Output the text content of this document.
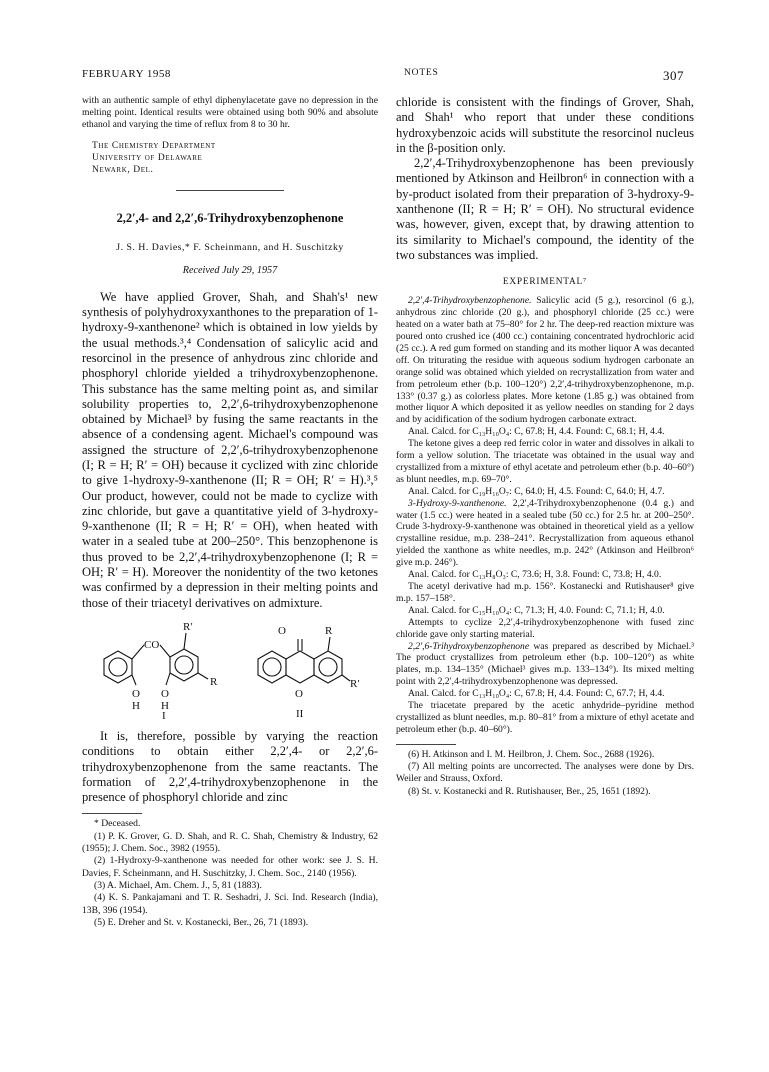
FEBRUARY 1958	NOTES	307

with an authentic sample of ethyl diphenylacetate gave no depression in the melting point. Identical results were obtained using both 90% and absolute ethanol and varying the time of reflux from 8 to 30 hr.

The Chemistry Department
University of Delaware
Newark, Del.
2,2′,4- and 2,2′,6-Trihydroxybenzophenone
J. S. H. Davies,* F. Scheinmann, and H. Suschitzky
Received July 29, 1957

We have applied Grover, Shah, and Shah's¹ new synthesis of polyhydroxyxanthones to the preparation of 1-hydroxy-9-xanthenone² which is obtained in low yields by the usual methods.³,⁴ Condensation of salicylic acid and resorcinol in the presence of anhydrous zinc chloride and phosphoryl chloride yielded a trihydroxybenzophenone. This substance has the same melting point as, and similar solubility properties to, 2,2′,6-trihydroxybenzophenone obtained by Michael³ by fusing the same reactants in the absence of a condensing agent. Michael's compound was assigned the structure of 2,2′,6-trihydroxybenzophenone (I; R = H; R′ = OH) because it cyclized with zinc chloride to give 1-hydroxy-9-xanthenone (II; R = OH; R′ = H).³,⁵ Our product, however, could not be made to cyclize with zinc chloride, but gave a quantitative yield of 3-hydroxy-9-xanthenone (II; R = H; R′ = OH), when heated with water in a sealed tube at 200–250°. This benzophenone is thus proved to be 2,2′,4-trihydroxybenzophenone (I; R = OH; R′ = H). Moreover the nonidentity of the two ketones was confirmed by a depression in their melting points and those of their triacetyl derivatives on admixture.

CO
R′
R
O O
H H
I
O	R
O
R′
II

It is, therefore, possible by varying the reaction conditions to obtain either 2,2′,4- or 2,2′,6-trihydroxybenzophenone from the same reactants. The formation of 2,2′,4-trihydroxybenzophenone in the presence of phosphoryl chloride and zinc

* Deceased.

(1) P. K. Grover, G. D. Shah, and R. C. Shah, Chemistry & Industry, 62 (1955); J. Chem. Soc., 3982 (1955).

(2) 1-Hydroxy-9-xanthenone was needed for other work: see J. S. H. Davies, F. Scheinmann, and H. Suschitzky, J. Chem. Soc., 2140 (1956).

(3) A. Michael, Am. Chem. J., 5, 81 (1883).

(4) K. S. Pankajamani and T. R. Seshadri, J. Sci. Ind. Research (India), 13B, 396 (1954).

(5) E. Dreher and St. v. Kostanecki, Ber., 26, 71 (1893).

chloride is consistent with the findings of Grover, Shah, and Shah¹ who report that under these conditions hydroxybenzoic acids will substitute the resorcinol nucleus in the β-position only.

2,2′,4-Trihydroxybenzophenone has been previously mentioned by Atkinson and Heilbron⁶ in connection with a by-product isolated from their preparation of 3-hydroxy-9-xanthenone (II; R = H; R′ = OH). No structural evidence was, however, given, except that, by drawing attention to its similarity to Michael's compound, the identity of the two substances was implied.

EXPERIMENTAL⁷

2,2′,4-Trihydroxybenzophenone. Salicylic acid (5 g.), resorcinol (6 g.), anhydrous zinc chloride (20 g.), and phosphoryl chloride (25 cc.) were heated on a water bath at 75–80° for 2 hr. The deep-red reaction mixture was poured onto crushed ice (400 cc.) containing concentrated hydrochloric acid (25 cc.). A red gum formed on standing and its mother liquor A was decanted off. On triturating the residue with aqueous sodium hydrogen carbonate an orange solid was obtained which yielded on recrystallization from water and from petroleum ether (b.p. 100–120°) 2,2′,4-trihydroxybenzophenone, m.p. 133° (0.37 g.) as colorless plates. More ketone (1.85 g.) was obtained from mother liquor A which deposited it as yellow needles on standing for 2 days and by acidification of the sodium hydrogen carbonate extract.

Anal. Calcd. for C₁₃H₁₀O₄: C, 67.8; H, 4.4. Found: C, 68.1; H, 4.4.

The ketone gives a deep red ferric color in water and dissolves in alkali to form a yellow solution. The triacetate was obtained in the usual way and crystallized from a mixture of ethyl acetate and petroleum ether (b.p. 40–60°) as blunt needles, m.p. 69–70°.

Anal. Calcd. for C₁₉H₁₆O₇: C, 64.0; H, 4.5. Found: C, 64.0; H, 4.7.

3-Hydroxy-9-xanthenone. 2,2′,4-Trihydroxybenzophenone (0.4 g.) and water (1.5 cc.) were heated in a sealed tube (50 cc.) for 2.5 hr. at 200–250°. Crude 3-hydroxy-9-xanthenone was obtained in theoretical yield as a yellow crystalline residue, m.p. 238–241°. Recrystallization from aqueous ethanol yielded the xanthone as white needles, m.p. 242° (Atkinson and Heilbron⁶ give m.p. 246°).

Anal. Calcd. for C₁₃H₈O₃: C, 73.6; H, 3.8. Found: C, 73.8; H, 4.0.

The acetyl derivative had m.p. 156°. Kostanecki and Rutishauser⁸ give m.p. 157–158°.

Anal. Calcd. for C₁₅H₁₀O₄: C, 71.3; H, 4.0. Found: C, 71.1; H, 4.0.

Attempts to cyclize 2,2′,4-trihydroxybenzophenone with fused zinc chloride gave only starting material.

2,2′,6-Trihydroxybenzophenone was prepared as described by Michael.³ The product crystallizes from petroleum ether (b.p. 100–120°) as white plates, m.p. 134–135° (Michael³ gives m.p. 133–134°). Its mixed melting point with 2,2′,4-trihydroxybenzophenone was depressed.

Anal. Calcd. for C₁₃H₁₀O₄: C, 67.8; H, 4.4. Found: C, 67.7; H, 4.4.

The triacetate prepared by the acetic anhydride–pyridine method crystallized as blunt needles, m.p. 80–81° from a mixture of ethyl acetate and petroleum ether (b.p. 40–60°).

(6) H. Atkinson and I. M. Heilbron, J. Chem. Soc., 2688 (1926).

(7) All melting points are uncorrected. The analyses were done by Drs. Weiler and Strauss, Oxford.

(8) St. v. Kostanecki and R. Rutishauser, Ber., 25, 1651 (1892).
